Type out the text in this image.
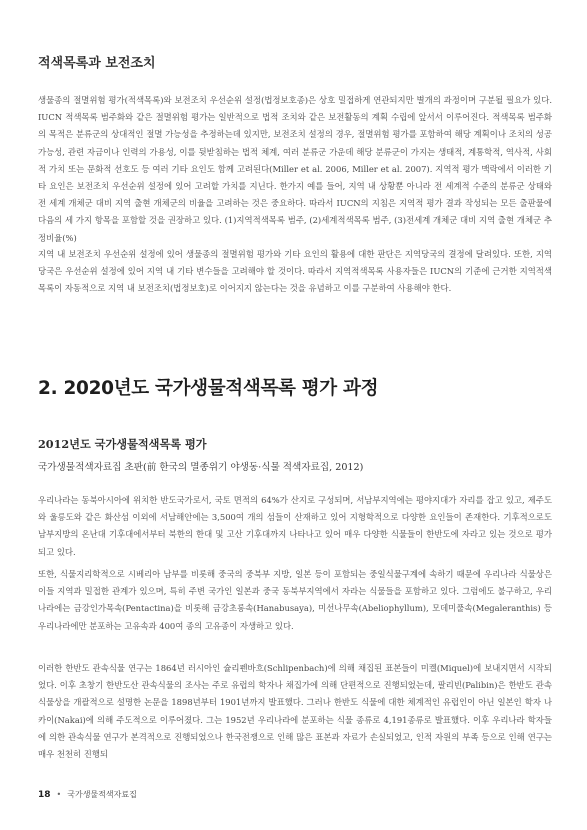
적색목록과 보전조치

생물종의 절멸위험 평가(적색목록)와 보전조치 우선순위 설정(법정보호종)은 상호 밀접하게 연관되지만 별개의 과정이며 구분될 필요가 있다. IUCN 적색목록 범주화와 같은 절멸위험 평가는 일반적으로 법적 조치와 같은 보전활동의 계획 수립에 앞서서 이루어진다. 적색목록 범주화의 목적은 분류군의 상대적인 절멸 가능성을 추정하는데 있지만, 보전조치 설정의 경우, 절멸위험 평가를 포함하여 해당 계획이나 조치의 성공 가능성, 관련 자금이나 인력의 가용성, 이를 뒷받침하는 법적 체계, 여러 분류군 가운데 해당 분류군이 가지는 생태적, 계통학적, 역사적, 사회적 가치 또는 문화적 선호도 등 여러 기타 요인도 함께 고려된다(Miller et al. 2006, Miller et al. 2007). 지역적 평가 맥락에서 이러한 기타 요인은 보전조치 우선순위 설정에 있어 고려할 가치를 지닌다. 한가지 예를 들어, 지역 내 상황뿐 아니라 전 세계적 수준의 분류군 상태와 전 세계 개체군 대비 지역 출현 개체군의 비율을 고려하는 것은 중요하다. 따라서 IUCN의 지침은 지역적 평가 결과 작성되는 모든 출판물에 다음의 세 가지 항목을 포함할 것을 권장하고 있다. (1)지역적색목록 범주, (2)세계적색목록 범주, (3)전세계 개체군 대비 지역 출현 개체군 추정비율(%)

지역 내 보전조치 우선순위 설정에 있어 생물종의 절멸위험 평가와 기타 요인의 활용에 대한 판단은 지역당국의 결정에 달려있다. 또한, 지역당국은 우선순위 설정에 있어 지역 내 기타 변수들을 고려해야 할 것이다. 따라서 지역적색목록 사용자들은 IUCN의 기준에 근거한 지역적색목록이 자동적으로 지역 내 보전조치(법정보호)로 이어지지 않는다는 것을 유념하고 이를 구분하여 사용해야 한다.

2. 2020년도 국가생물적색목록 평가 과정
2012년도 국가생물적색목록 평가

국가생물적색자료집 초판(前 한국의 멸종위기 야생동·식물 적색자료집, 2012)

우리나라는 동북아시아에 위치한 반도국가로서, 국토 면적의 64%가 산지로 구성되며, 서남부지역에는 평야지대가 자리를 잡고 있고, 제주도와 울릉도와 같은 화산섬 이외에 서남해안에는 3,500여 개의 섬들이 산재하고 있어 지형학적으로 다양한 요인들이 존재한다. 기후적으로도 남부지방의 온난대 기후대에서부터 북한의 한대 및 고산 기후대까지 나타나고 있어 매우 다양한 식물들이 한반도에 자라고 있는 것으로 평가되고 있다.

또한, 식물지리학적으로 시베리아 남부를 비롯해 중국의 중북부 지방, 일본 등이 포함되는 중일식물구계에 속하기 때문에 우리나라 식물상은 이들 지역과 밀접한 관계가 있으며, 특히 주변 국가인 일본과 중국 동북부지역에서 자라는 식물들을 포함하고 있다. 그럼에도 불구하고, 우리나라에는 금강인가목속(Pentactina)을 비롯해 금강초롱속(Hanabusaya), 미선나무속(Abeliophyllum), 모데미풀속(Megaleranthis) 등 우리나라에만 분포하는 고유속과 400여 종의 고유종이 자생하고 있다.

이러한 한반도 관속식물 연구는 1864년 러시아인 슐리펜바흐(Schlipenbach)에 의해 채집된 표본들이 미켈(Miquel)에 보내지면서 시작되었다. 이후 초창기 한반도산 관속식물의 조사는 주로 유럽의 학자나 채집가에 의해 단편적으로 진행되었는데, 팔리빈(Palibin)은 한반도 관속식물상을 개괄적으로 설명한 논문을 1898년부터 1901년까지 발표했다. 그러나 한반도 식물에 대한 체계적인 유럽인이 아닌 일본인 학자 나카이(Nakai)에 의해 주도적으로 이루어졌다. 그는 1952년 우리나라에 분포하는 식물 종류로 4,191종류로 발표했다. 이후 우리나라 학자들에 의한 관속식물 연구가 본격적으로 진행되었으나 한국전쟁으로 인해 많은 표본과 자료가 손실되었고, 인적 자원의 부족 등으로 인해 연구는 매우 천천히 진행되

18 • 국가생물적색자료집
